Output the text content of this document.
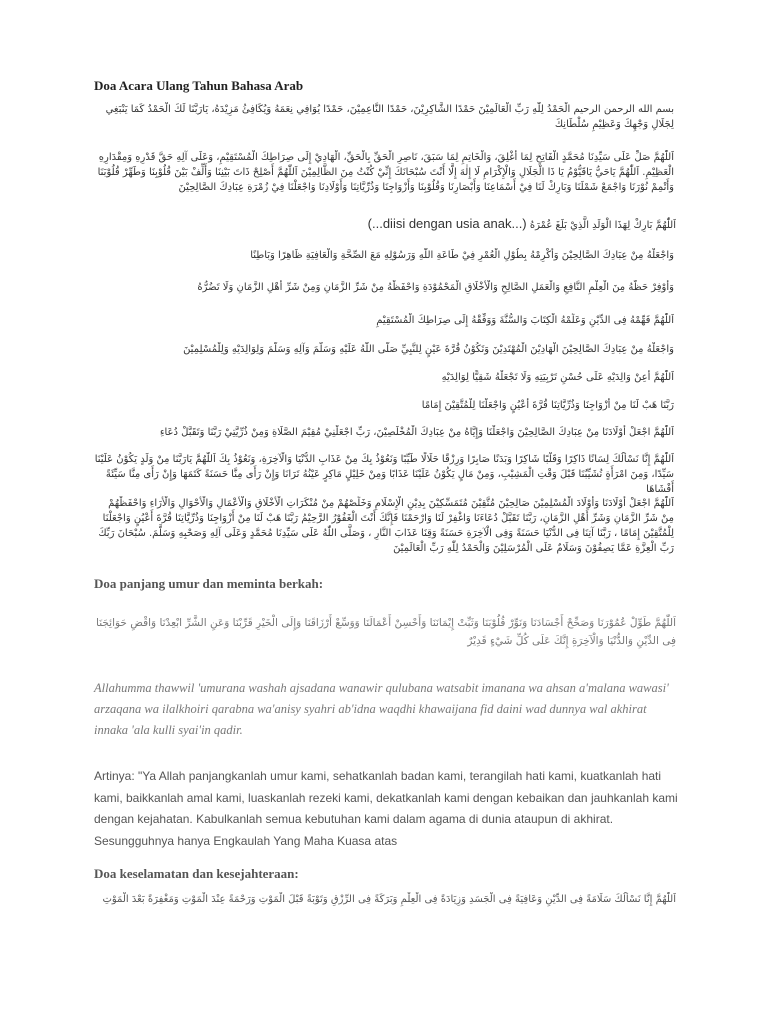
Doa Acara Ulang Tahun Bahasa Arab
بسم الله الرحمن الرحيم الْحَمْدُ لِلّٰهِ رَبِّ الْعَالَمِيْنَ حَمْدًا الشَّاكِرِيْنَ، حَمْدًا النَّاعِمِيْنَ، حَمْدًا يُوَافِي نِعَمَهُ وَيُكَافِئُ مَزِيْدَهُ، يَارَبَّنَا لَكَ الْحَمْدُ كَمَا يَنْبَغِي لِجَلَالِ وَجْهِكَ وَعَظِيْمِ سُلْطَانِكَ
اَللّٰهُمَّ صَلِّ عَلَى سَيِّدِنَا مُحَمَّدٍ الْفَاتِحِ لِمَا أُغْلِقَ، وَالْخَاتِمِ لِمَا سَبَقَ، نَاصِرِ الْحَقِّ بِالْحَقِّ، الْهَادِيْ إِلَى صِرَاطِكَ الْمُسْتَقِيْمِ، وَعَلَى آلِهِ حَقَّ قَدْرِهِ وَمِقْدَارِهِ الْعَظِيْمِ. اَللّٰهُمَّ يَاحَيُّ يَاقَيُّوْمُ يَا ذَا الْجَلَالِ وَالْإِكْرَامِ لَا إِلٰهَ إِلَّا أَنْتَ سُبْحَانَكَ إِنِّيْ كُنْتُ مِنَ الظَّالِمِيْنَ اَللّٰهُمَّ أَصْلِحْ ذَاتَ بَيْنِنَا وَأَلِّفْ بَيْنَ قُلُوْبِنَا وَطَهِّرْ قُلُوْبَنَا وَأَتْمِمْ نُوْرَنَا وَاجْمَعْ شَمْلَنَا وَبَارِكْ لَنَا فِيْ أَسْمَاعِنَا وَأَبْصَارِنَا وَقُلُوْبِنَا وَأَزْوَاجِنَا وَذُرِّيَّاتِنَا وَأَوْلَادِنَا وَاجْعَلْنَا فِيْ زُمْرَةِ عِبَادِكَ الصَّالِحِيْنَ
اَللّٰهُمَّ بَارِكْ لِهَذَا الْوَلَدِ الَّذِيْ بَلَغَ عُمْرَهُ (...diisi dengan usia anak...)
وَاجْعَلْهُ مِنْ عِبَادِكَ الصَّالِحِيْنَ وَأَكْرِمْهُ بِطُوْلِ الْعُمْرِ فِيْ طَاعَةِ اللّٰهِ وَرَسُوْلِهِ مَعَ الصِّحَّةِ وَالْعَافِيَةِ ظَاهِرًا وَبَاطِنًا
وَأَوْفِرْ حَظَّهُ مِنَ الْعِلْمِ النَّافِعِ وَالْعَمَلِ الصَّالِحِ وَالْأَخْلَاقِ الْمَحْمُوْدَةِ وَاحْفَظْهُ مِنْ شَرِّ الزَّمَانِ وَمِنْ شَرِّ أَهْلِ الزَّمَانِ وَلَا تَضُرُّهُ
اَللّٰهُمَّ فَهِّمْهُ فِى الدِّيْنِ وَعَلِّمْهُ الْكِتَابَ وَالسُّنَّةَ وَوَفِّقْهُ إِلَى صِرَاطِكَ الْمُسْتَقِيْمِ
وَاجْعَلْهُ مِنْ عِبَادِكَ الصَّالِحِيْنَ الْهَادِيْنَ الْمُهْتَدِيْنَ وَتَكُوْنُ قُرَّةَ عَيْنٍ لِلنَّبِيِّ صَلَّى اللّٰهُ عَلَيْهِ وَسَلَّمَ وَآلِهِ وَسَلَّمَ وَلِوَالِدَيْهِ وَلِلْمُسْلِمِيْنَ
اَللّٰهُمَّ أَعِنْ وَالِدَيْهِ عَلَى حُسْنِ تَرْبِيَتِهِ وَلَا تَجْعَلْهُ شَقِيًّا لِوَالِدَيْهِ
رَبَّنَا هَبْ لَنَا مِنْ أَزْوَاجِنَا وَذُرِّيَّاتِنَا قُرَّةَ أَعْيُنٍ وَاجْعَلْنَا لِلْمُتَّقِيْنَ إِمَامًا
اَللّٰهُمَّ اجْعَلْ أَوْلَادَنَا مِنْ عِبَادِكَ الصَّالِحِيْنَ وَاجْعَلْنَا وَإِيَّاهُ مِنْ عِبَادِكَ الْمُخْلَصِيْنَ، رَبِّ اجْعَلْنِيْ مُقِيْمَ الصَّلَاةِ وَمِنْ ذُرِّيَّتِيْ رَبَّنَا وَتَقَبَّلْ دُعَاءِ
اَللّٰهُمَّ إِنَّا نَسْأَلُكَ لِسَانًا ذَاكِرًا وَقَلْبًا شَاكِرًا وَبَدَنًا صَابِرًا وَرِزْقًا حَلَالًا طَيِّبًا وَنَعُوْذُ بِكَ مِنْ عَذَابِ الدُّنْيَا وَالْآخِرَةِ، وَنَعُوْذُ بِكَ اَللّٰهُمَّ يَارَبَّنَا مِنْ وَلَدٍ يَكُوْنُ عَلَيْنَا سَيِّدًا، وَمِنَ امْرَأَةٍ تُشَيِّبُنَا قَبْلَ وَقْتِ الْمَشِيْبِ، وَمِنْ مَالٍ يَكُوْنُ عَلَيْنَا عَذَابًا وَمِنْ خَلِيْلٍ مَاكِرٍ عَيْنُهُ تَرَانَا وَإِنْ رَأَى مِنَّا حَسَنَةً كَتَمَهَا وَإِنْ رَأَى مِنَّا سَيِّئَةً أَفْشَاهَا
اَللّٰهُمَّ اجْعَلْ أَوْلَادَنَا وَأَوْلَادَ الْمُسْلِمِيْنَ صَالِحِيْنَ مُتَّقِيْنَ مُتَمَسِّكِيْنَ بِدِيْنِ الْإِسْلَامِ وَخَلِّصْهُمْ مِنْ مُنْكَرَاتِ الْأَخْلَاقِ وَالْأَعْمَالِ وَالْأَحْوَالِ وَالْأَرَاءِ وَاحْفَظْهُمْ مِنْ شَرِّ الزَّمَانِ وَشَرِّ أَهْلِ الزَّمَانِ، رَبَّنَا تَقَبَّلْ دُعَاءَنَا وَاغْفِرْ لَنَا وَارْحَمْنَا فَإِنَّكَ أَنْتَ الْغَفُوْرُ الرَّحِيْمُ رَبَّنَا هَبْ لَنَا مِنْ أَزْوَاجِنَا وَذُرِّيَّاتِنَا قُرَّةَ أَعْيُنٍ وَاجْعَلْنَا لِلْمُتَّقِيْنَ إِمَامًا ، رَبَّنَا آتِنَا فِى الدُّنْيَا حَسَنَةً وَفِى الْآخِرَةِ حَسَنَةً وَقِنَا عَذَابَ النَّارِ ، وَصَلَّى اللّٰهُ عَلَى سَيِّدِنَا مُحَمَّدٍ وَعَلَى آلِهِ وَصَحْبِهِ وَسَلَّمَ. سُبْحَانَ رَبِّكَ رَبِّ الْعِزَّةِ عَمَّا يَصِفُوْنَ وَسَلَامٌ عَلَى الْمُرْسَلِيْنَ وَالْحَمْدُ لِلّٰهِ رَبِّ الْعَالَمِيْنَ
Doa panjang umur dan meminta berkah:
اَللّٰهُمَّ طَوِّلْ عُمُوْرَنَا وَصَحِّحْ أَجْسَادَنَا وَنَوِّرْ قُلُوْبَنَا وَثَبِّتْ إِيْمَانَنَا وَأَحْسِنْ أَعْمَالَنَا وَوَسِّعْ أَرْزَاقَنَا وَإِلَى الْخَيْرِ قَرِّبْنَا وَعَنِ الشَّرِّ ابْعِدْنَا وَاقْضِ حَوَائِجَنَا فِى الدِّيْنِ وَالدُّنْيَا وَالْآخِرَةِ إِنَّكَ عَلَى كُلِّ شَيْءٍ قَدِيْرٌ
Allahumma thawwil 'umurana washah ajsadana wanawir qulubana watsabit imanana wa ahsan a'malana wawasi' arzaqana wa ilalkhoiri qarabna wa'anisy syahri ab'idna waqdhi khawaijana fid daini wad dunnya wal akhirat innaka 'ala kulli syai'in qadir.
Artinya: "Ya Allah panjangkanlah umur kami, sehatkanlah badan kami, terangilah hati kami, kuatkanlah hati kami, baikkanlah amal kami, luaskanlah rezeki kami, dekatkanlah kami dengan kebaikan dan jauhkanlah kami dengan kejahatan. Kabulkanlah semua kebutuhan kami dalam agama di dunia ataupun di akhirat. Sesungguhnya hanya Engkaulah Yang Maha Kuasa atas
Doa keselamatan dan kesejahteraan:
اَللّٰهُمَّ إِنَّا نَسْأَلُكَ سَلَامَةً فِى الدِّيْنِ وَعَافِيَةً فِى الْجَسَدِ وَزِيَادَةً فِى الْعِلْمِ وَبَرَكَةً فِى الرِّزْقِ وَتَوْبَةً قَبْلَ الْمَوْتِ وَرَحْمَةً عِنْدَ الْمَوْتِ وَمَغْفِرَةً بَعْدَ الْمَوْتِ
